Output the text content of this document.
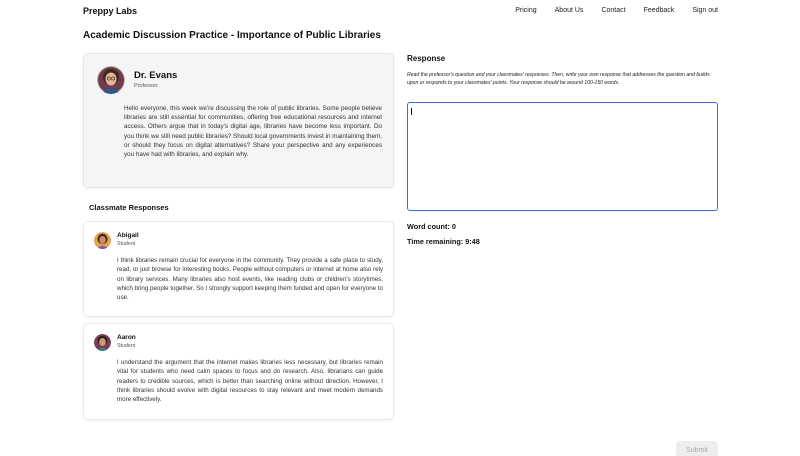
Preppy Labs	Pricing	About Us	Contact	Feedback	Sign out
Academic Discussion Practice - Importance of Public Libraries
Dr. Evans
Professor
Hello everyone, this week we're discussing the role of public libraries. Some people believe libraries are still essential for communities, offering free educational resources and internet access. Others argue that in today's digital age, libraries have become less important. Do you think we still need public libraries? Should local governments invest in maintaining them, or should they focus on digital alternatives? Share your perspective and any experiences you have had with libraries, and explain why.
Classmate Responses
Abigail
Student
I think libraries remain crucial for everyone in the community. They provide a safe place to study, read, or just browse for interesting books. People without computers or internet at home also rely on library services. Many libraries also host events, like reading clubs or children's storytimes, which bring people together. So I strongly support keeping them funded and open for everyone to use.
Aaron
Student
I understand the argument that the internet makes libraries less necessary, but libraries remain vital for students who need calm spaces to focus and do research. Also, librarians can guide readers to credible sources, which is better than searching online without direction. However, I think libraries should evolve with digital resources to stay relevant and meet modern demands more effectively.
Response
Read the professor's question and your classmates' responses. Then, write your own response that addresses the question and builds upon or responds to your classmates' points. Your response should be around 100-150 words.
Word count: 0
Time remaining: 9:48
Submit
